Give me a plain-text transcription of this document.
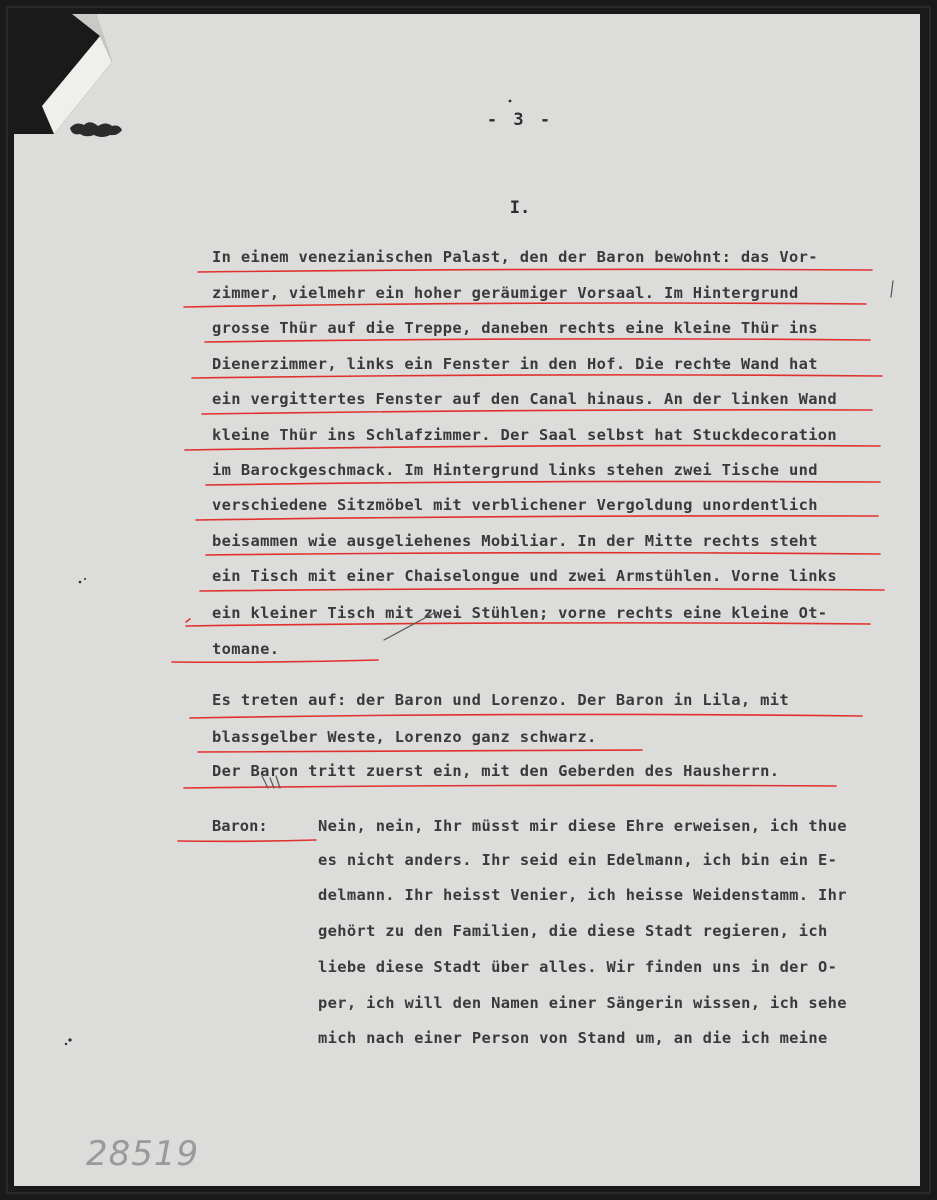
- 3 -
I.
In einem venezianischen Palast, den der Baron bewohnt: das Vor-
zimmer, vielmehr ein hoher geräumiger Vorsaal. Im Hintergrund
grosse Thür auf die Treppe, daneben rechts eine kleine Thür ins
Dienerzimmer, links ein Fenster in den Hof. Die rechte Wand hat
ein vergittertes Fenster auf den Canal hinaus. An der linken Wand
kleine Thür ins Schlafzimmer. Der Saal selbst hat Stuckdecoration
im Barockgeschmack. Im Hintergrund links stehen zwei Tische und
verschiedene Sitzmöbel mit verblichener Vergoldung unordentlich
beisammen wie ausgeliehenes Mobiliar. In der Mitte rechts steht
ein Tisch mit einer Chaiselongue und zwei Armstühlen. Vorne links
ein kleiner Tisch mit zwei Stühlen; vorne rechts eine kleine Ot-
tomane.
Es treten auf: der Baron und Lorenzo. Der Baron in Lila, mit
blassgelber Weste, Lorenzo ganz schwarz.
Der Baron tritt zuerst ein, mit den Geberden des Hausherrn.
Baron:	Nein, nein, Ihr müsst mir diese Ehre erweisen, ich thue
es nicht anders. Ihr seid ein Edelmann, ich bin ein E-
delmann. Ihr heisst Venier, ich heisse Weidenstamm. Ihr
gehört zu den Familien, die diese Stadt regieren, ich
liebe diese Stadt über alles. Wir finden uns in der O-
per, ich will den Namen einer Sängerin wissen, ich sehe
mich nach einer Person von Stand um, an die ich meine
28519
